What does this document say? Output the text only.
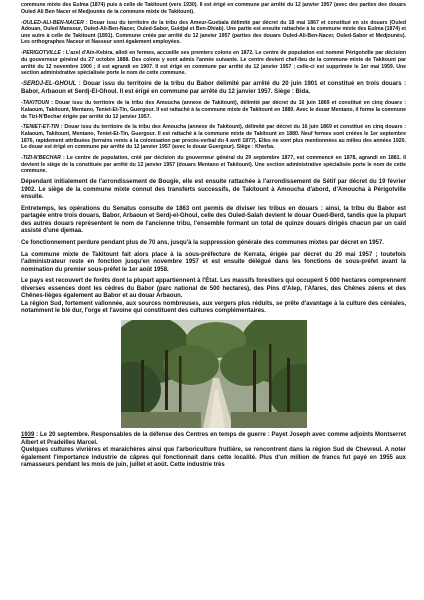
commune mixte des Eulma (1874) puis à celle de Takitount (vers 1930). Il est érigé en commune par arrêté du 12 janvier 1957 (avec des parties des douars Ouled Ali Ben Nacer et Medjounès de la commune mixte de Takitount).

-OULED-ALI-BEN-NACER : Douar issu du territoire de la tribu des Ameur-Guebala délimité par décret du 18 mai 1867 et constitué en six douars (Ouled Adouan, Ouled Mansour, Ouled-Ali-Ben-Nacer, Ouled-Sabor, Guidjal et Ben-Dhiab). Une partie est ensuite rattachée à la commune mixte des Eulma (1874) et une autre à celle de Takitount (1891). Commune créée par arrêté du 12 janvier 1957 (parties des douars Ouled-Ali-Ben-Nacer, Ouled-Sabor et Medjounès). Les orthographes Naceur et Nasseur sont également employées.

-PERIGOTVILLE : L'azel d'Aïn-Kebira, alloti en fermes, accueille ses premiers colons en 1872. Le centre de population est nommé Périgotville par décision du gouverneur général du 27 octobre 1888. Des colons y sont admis l'année suivante. Le centre devient chef-lieu de la commune mixte de Takitount par arrêté du 12 novembre 1900 ; il est agrandi en 1907. Il est érigé en commune par arrêté du 12 janvier 1957 ; celle-ci est supprimée le 1er mai 1959. Une section administrative spécialisée porte le nom de cette commune.

-SERDJ-EL-GHOUL : Douar issu du territoire de la tribu du Babor délimité par arrêté du 20 juin 1901 et constitué en trois douars : Babor, Arbaoun et Serdj-El-Ghoul. Il est érigé en commune par arrêté du 12 janvier 1957. Siège : Bida.

-TAKITOUN : Douar issu du territoire de la tribu des Amoucha (annexe de Takitount), délimité par décret du 16 juin 1869 et constitué en cinq douars : Kalaoum, Takitount, Mentano, Teniet-Et-Tin, Guergour. Il est rattaché à la commune mixte de Takitount en 1880. Avec le douar Mentano, il forme la commune de Tizi-N'Bechar érigée par arrêté du 12 janvier 1957.

-TENIET-ET-TIN : Douar issu du territoire de la tribu des Amoucha (annexe de Takitount), délimité par décret du 16 juin 1869 et constitué en cinq douars : Kalaoum, Takitount, Mentano, Teniet-Et-Tin, Guergour. Il est rattaché à la commune mixte de Takitount en 1880. Neuf fermes sont créées le 1er septembre 1876, rapidement attribuées (terrains remis à la colonisation par procès-verbal du 4 avril 1877). Elles ne sont plus mentionnées au milieu des années 1920. Le douar est érigé en commune par arrêté du 12 janvier 1957 (avec le douar Guergour). Siège : Kherba.

-TIZI-N'BECHAR : Le centre de population, créé par décision du gouverneur général du 29 septembre 1877, est commencé en 1878, agrandi en 1881. Il devient le siège de la constituée par arrêté du 12 janvier 1957 (douars Mentano et Takitount). Une section administrative spécialisée porte le nom de cette commune.

Dépendant initialement de l'arrondissement de Bougie, elle est ensuite rattachée à l'arrondissement de Sétif par décret du 19 février 1902. Le siège de la commune mixte connut des transferts successifs, de Takitount à Amoucha d'abord, d'Amoucha à Périgotville ensuite.

Entretemps, les opérations du Senatus consulte de 1863 ont permis de diviser les tribus en douars : ainsi, la tribu du Babor est partagée entre trois douars, Babor, Arbaoun et Serdj-el-Ghoul, celle des Ouled-Salah devient le douar Oued-Berd, tandis que la plupart des autres douars représentent le nom de l'ancienne tribu, l'ensemble formant un total de quinze douars dirigés chacun par un caïd assisté d'une djemaa.

Ce fonctionnement perdure pendant plus de 70 ans, jusqu'à la suppression générale des communes mixtes par décret en 1957.

La commune mixte de Takitount fait alors place à la sous-préfecture de Kerrata, érigée par décret du 20 mai 1957 ; toutefois l'administrateur reste en fonction jusqu'en novembre 1957 et est ensuite délégué dans les fonctions de sous-préfet avant la nomination du premier sous-préfet le 1er août 1958.

Le pays est recouvert de forêts dont la plupart appartiennent à l'État. Les massifs forestiers qui occupent 5 000 hectares comprennent diverses essences dont les cèdres du Babor (parc national de 500 hectares), des Pins d'Alep, l'Afares, des Chênes zéens et des Chênes-lièges également au Babor et au douar Arbaoun.

La région Sud, fortement vallonnée, aux sources nombreuses, aux vergers plus réduits, se prête d'avantage à la culture des céréales, notamment le blé dur, l'orge et l'avoine qui constituent des cultures complémentaires.

1939 : Le 20 septembre. Responsables de la défense des Centres en temps de guerre : Payet Joseph avec comme adjoints Montserret Albert et Pradeilles Marcel.

Quelques cultures vivrières et maraîchères ainsi que l'arboriculture fruitière, se rencontrent dans la région Sud de Chevreul. A noter également l'importance industrie de câpres qui fonctionnait dans cette localité. Plus d'un million de francs fut payé en 1955 aux ramasseurs pendant les mois de juin, juillet et août. Cette industrie très
